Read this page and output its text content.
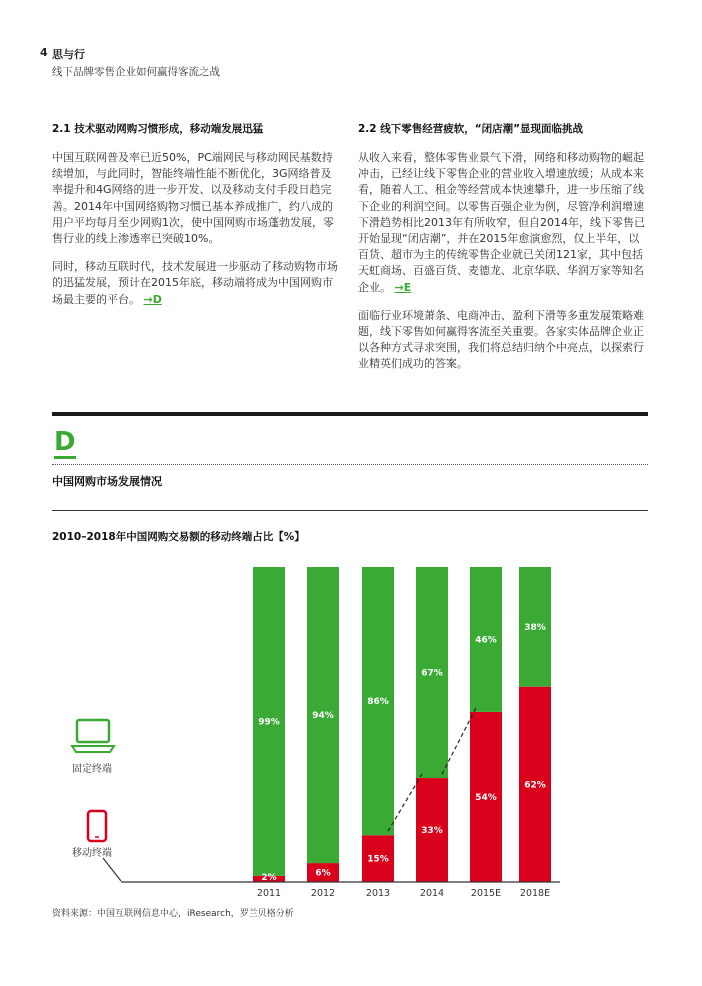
4 思与行
线下品牌零售企业如何赢得客流之战
2.1 技术驱动网购习惯形成，移动端发展迅猛

中国互联网普及率已近50%，PC端网民与移动网民基数持续增加，与此同时，智能终端性能不断优化，3G网络普及率提升和4G网络的进一步开发、以及移动支付手段日趋完善。2014年中国网络购物习惯已基本养成推广，约八成的用户平均每月至少网购1次，使中国网购市场蓬勃发展，零售行业的线上渗透率已突破10%。

同时，移动互联时代，技术发展进一步驱动了移动购物市场的迅猛发展，预计在2015年底，移动端将成为中国网购市场最主要的平台。 →D

2.2 线下零售经营疲软，“闭店潮”显现面临挑战

从收入来看，整体零售业景气下滑，网络和移动购物的崛起冲击，已经让线下零售企业的营业收入增速放缓；从成本来看，随着人工、租金等经营成本快速攀升，进一步压缩了线下企业的利润空间。以零售百强企业为例，尽管净利润增速下滑趋势相比2013年有所收窄，但自2014年，线下零售已开始显现“闭店潮”，并在2015年愈演愈烈，仅上半年，以百货、超市为主的传统零售企业就已关闭121家，其中包括天虹商场、百盛百货、麦德龙、北京华联、华润万家等知名企业。 →E

面临行业环境萧条、电商冲击、盈利下滑等多重发展策略难题，线下零售如何赢得客流至关重要。各家实体品牌企业正以各种方式寻求突围，我们将总结归纳个中亮点，以探索行业精英们成功的答案。

D
中国网购市场发展情况
2010–2018年中国网购交易额的移动终端占比【%】
99%
2%
2011
94%
6%
2012
86%
15%
2013
67%
33%
2014
46%
54%
2015E
38%
62%
2018E
固定终端
移动终端
资料来源：中国互联网信息中心，iResearch，罗兰贝格分析
